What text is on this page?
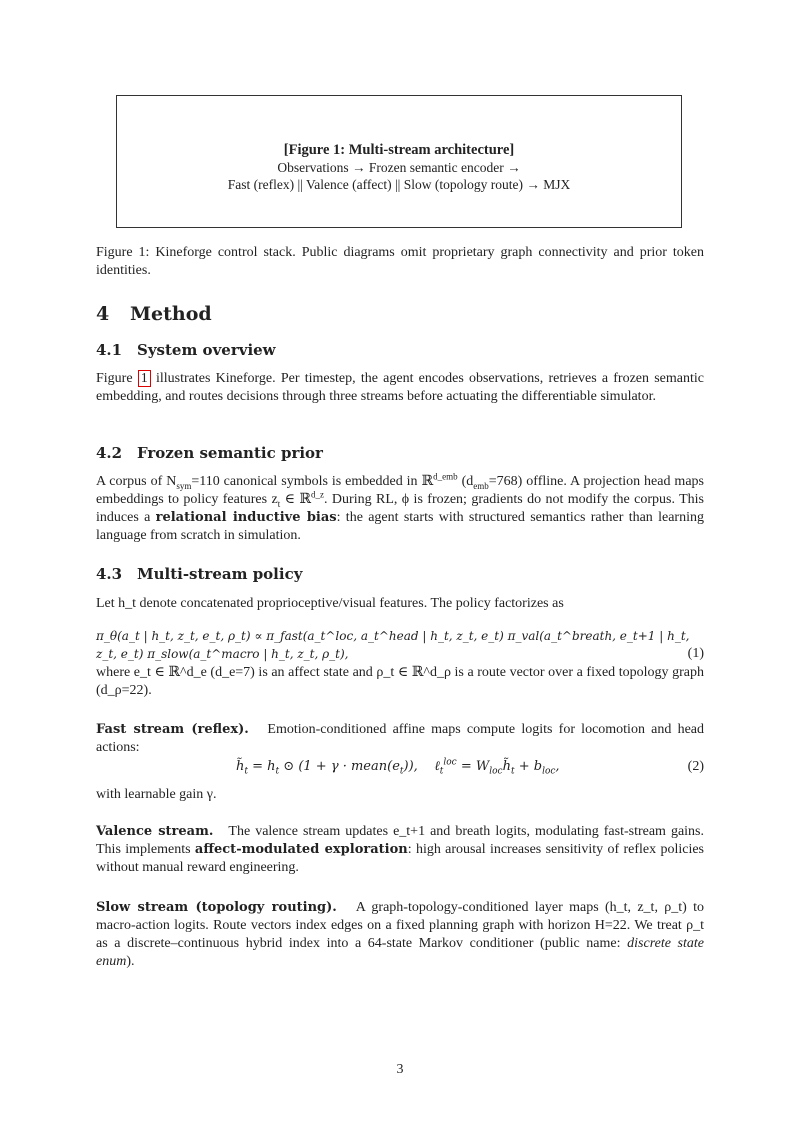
[Figure 1: Multi-stream architecture]
Observations → Frozen semantic encoder →
Fast (reflex) || Valence (affect) || Slow (topology route) → MJX
Figure 1: Kineforge control stack. Public diagrams omit proprietary graph connectivity and prior token identities.
4 Method
4.1 System overview
Figure 1 illustrates Kineforge. Per timestep, the agent encodes observations, retrieves a frozen semantic embedding, and routes decisions through three streams before actuating the differentiable simulator.
4.2 Frozen semantic prior
A corpus of $N_{sym}=110$ canonical symbols is embedded in ℝ$^{d\_emb}$ $(d_{emb}=768)$ offline. A projection head maps embeddings to policy features $z_t$ ∈ ℝ$^{d\_z}$. During RL, ϕ is frozen; gradients do not modify the corpus. This induces a relational inductive bias: the agent starts with structured semantics rather than learning language from scratch in simulation.
4.3 Multi-stream policy
Let h_t denote concatenated proprioceptive/visual features. The policy factorizes as
π_θ(a_t | h_t, z_t, e_t, ρ_t) ∝ π_fast(a_t^loc, a_t^head | h_t, z_t, e_t) π_val(a_t^breath, e_t+1 | h_t, z_t, e_t) π_slow(a_t^macro | h_t, z_t, ρ_t),	(1)
where e_t ∈ ℝ^d_e (d_e=7) is an affect state and ρ_t ∈ ℝ^d_ρ is a route vector over a fixed topology graph (d_ρ=22).
Fast stream (reflex). Emotion-conditioned affine maps compute logits for locomotion and head actions:
$h̃_t = h_t$ ⊙ $(1 + \gamma \cdot mean(e_t))$,    ℓ$_t^{loc}$ = $W_{loc}h̃_t + b_{loc}$,	(2)
with learnable gain γ.
Valence stream. The valence stream updates e_t+1 and breath logits, modulating fast-stream gains. This implements affect-modulated exploration: high arousal increases sensitivity of reflex policies without manual reward engineering.
Slow stream (topology routing). A graph-topology-conditioned layer maps (h_t, z_t, ρ_t) to macro-action logits. Route vectors index edges on a fixed planning graph with horizon H=22. We treat ρ_t as a discrete–continuous hybrid index into a 64-state Markov conditioner (public name: discrete state enum).
3
